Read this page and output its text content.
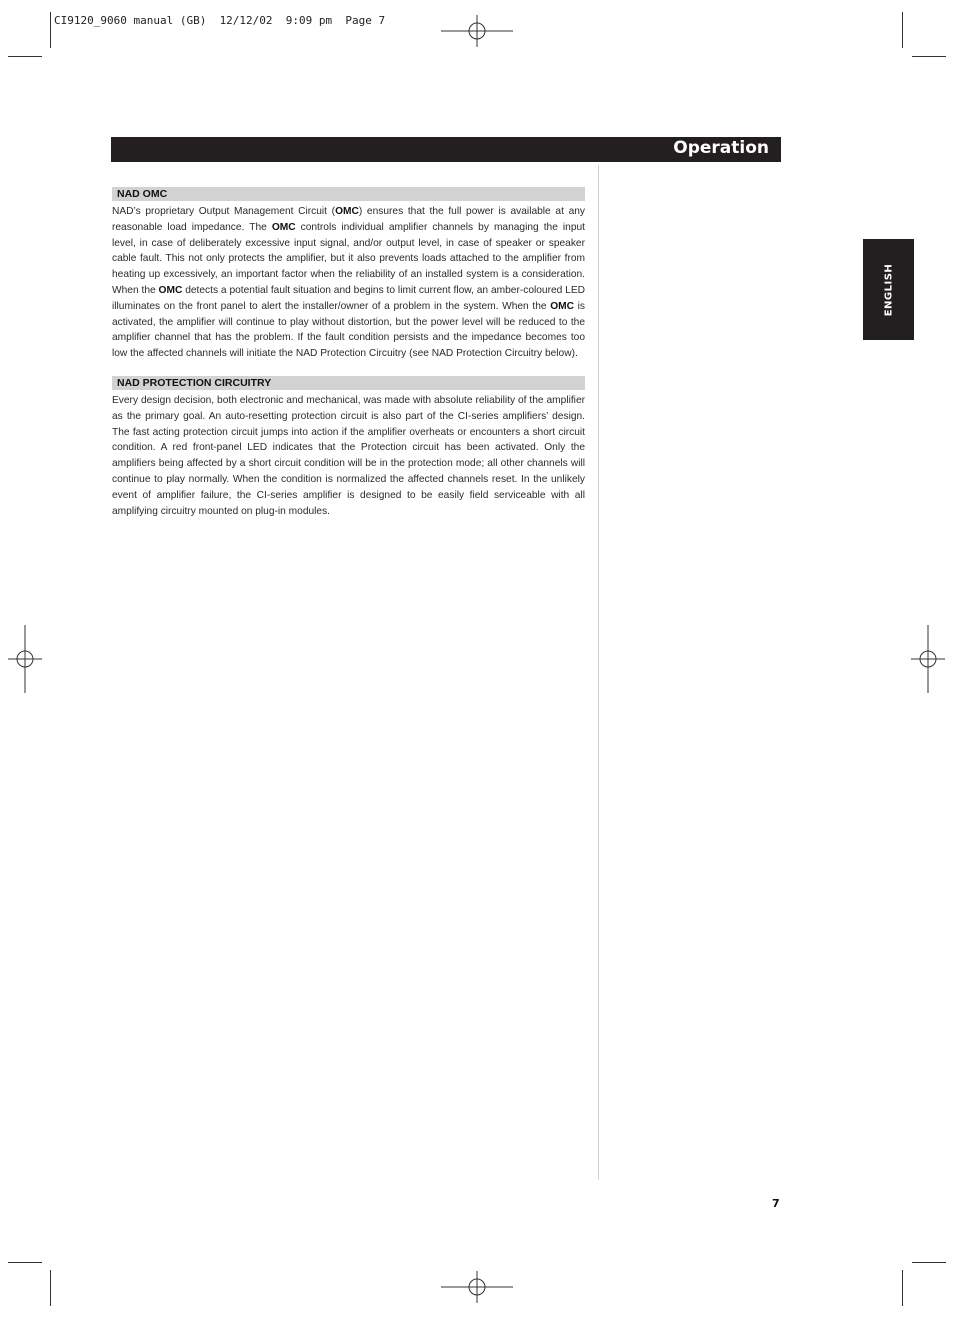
CI9120_9060 manual (GB)  12/12/02  9:09 pm  Page 7
Operation
ENGLISH
NAD OMC

NAD’s proprietary Output Management Circuit (OMC) ensures that the full power is available at any reasonable load impedance. The OMC controls individual amplifier channels by managing the input level, in case of deliberately excessive input signal, and/or output level, in case of speaker or speaker cable fault. This not only protects the amplifier, but it also prevents loads attached to the amplifier from heating up excessively, an important factor when the reliability of an installed system is a consideration. When the OMC detects a potential fault situation and begins to limit current flow, an amber-coloured LED illuminates on the front panel to alert the installer/owner of a problem in the system. When the OMC is activated, the amplifier will continue to play without distortion, but the power level will be reduced to the amplifier channel that has the problem. If the fault condition persists and the impedance becomes too low the affected channels will initiate the NAD Protection Circuitry (see NAD Protection Circuitry below).

NAD PROTECTION CIRCUITRY

Every design decision, both electronic and mechanical, was made with absolute reliability of the amplifier as the primary goal. An auto-resetting protection circuit is also part of the CI-series amplifiers’ design. The fast acting protection circuit jumps into action if the amplifier overheats or encounters a short circuit condition. A red front-panel LED indicates that the Protection circuit has been activated. Only the amplifiers being affected by a short circuit condition will be in the protection mode; all other channels will continue to play normally. When the condition is normalized the affected channels reset. In the unlikely event of amplifier failure, the CI-series amplifier is designed to be easily field serviceable with all amplifying circuitry mounted on plug-in modules.

7
